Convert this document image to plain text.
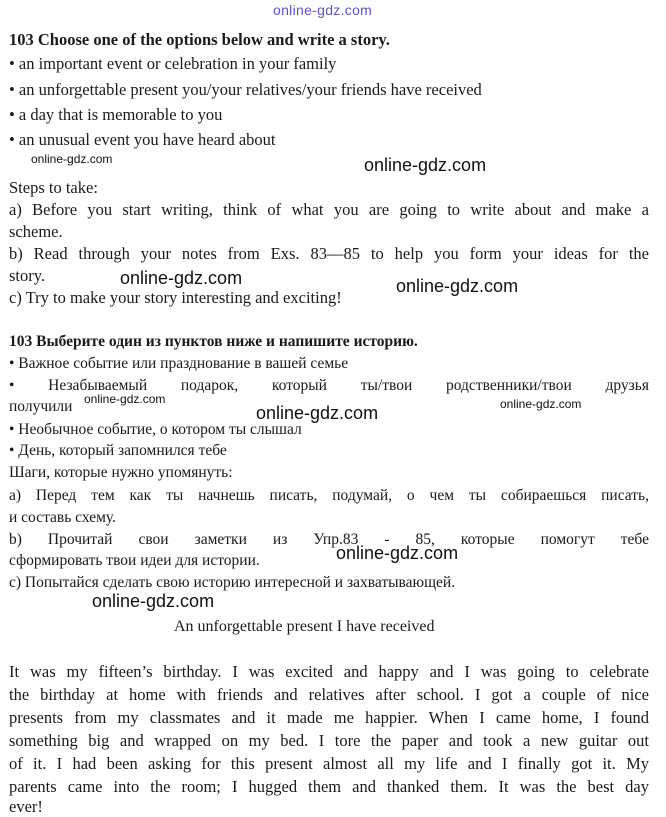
online-gdz.com
103 Choose one of the options below and write a story.
• an important event or celebration in your family
• an unforgettable present you/your relatives/your friends have received
• a day that is memorable to you
• an unusual event you have heard about
online-gdz.com	online-gdz.com
Steps to take:
a) Before you start writing, think of what you are going to write about and make a
scheme.
b) Read through your notes from Exs. 83—85 to help you form your ideas for the
story.	online-gdz.com	online-gdz.com
c) Try to make your story interesting and exciting!
103 Выберите один из пунктов ниже и напишите историю.
• Важное событие или празднование в вашей семье
• Незабываемый подарок, который ты/твои родственники/твои друзья
получили online-gdz.com
online-gdz.com	online-gdz.com
• Необычное событие, о котором ты слышал
• День, который запомнился тебе
Шаги, которые нужно упомянуть:
а) Перед тем как ты начнешь писать, подумай, о чем ты собираешься писать,
и составь схему.
b) Прочитай свои заметки из Упр.83 - 85, которые помогут тебе
сформировать твои идеи для истории.	online-gdz.com
c) Попытайся сделать свою историю интересной и захватывающей.
online-gdz.com
An unforgettable present I have received
It was my fifteen’s birthday. I was excited and happy and I was going to celebrate
the birthday at home with friends and relatives after school. I got a couple of nice
presents from my classmates and it made me happier. When I came home, I found
something big and wrapped on my bed. I tore the paper and took a new guitar out
of it. I had been asking for this present almost all my life and I finally got it. My
parents came into the room; I hugged them and thanked them. It was the best day
ever!
